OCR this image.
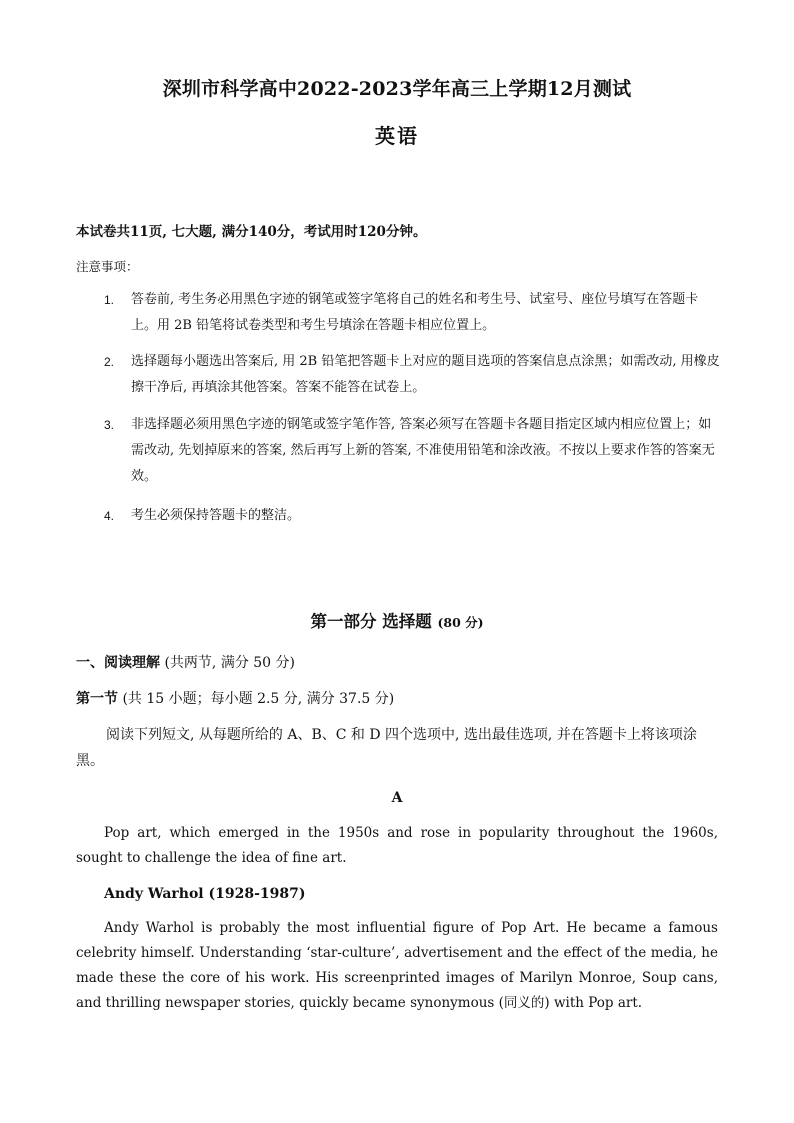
深圳市科学高中2022-2023学年高三上学期12月测试
英语
本试卷共11页, 七大题, 满分140分，考试用时120分钟。
注意事项：
1.	答卷前, 考生务必用黑色字迹的钢笔或签字笔将自己的姓名和考生号、试室号、座位号填写在答题卡上。用 2B 铅笔将试卷类型和考生号填涂在答题卡相应位置上。
2.	选择题每小题选出答案后, 用 2B 铅笔把答题卡上对应的题目选项的答案信息点涂黑；如需改动, 用橡皮擦干净后, 再填涂其他答案。答案不能答在试卷上。
3.	非选择题必须用黑色字迹的钢笔或签字笔作答, 答案必须写在答题卡各题目指定区域内相应位置上；如需改动, 先划掉原来的答案, 然后再写上新的答案, 不准使用铅笔和涂改液。不按以上要求作答的答案无效。
4.	考生必须保持答题卡的整洁。
第一部分 选择题 (80 分)
一、阅读理解 (共两节, 满分 50 分)
第一节 (共 15 小题；每小题 2.5 分, 满分 37.5 分)
阅读下列短文, 从每题所给的 A、B、C 和 D 四个选项中, 选出最佳选项, 并在答题卡上将该项涂黑。
A
Pop art, which emerged in the 1950s and rose in popularity throughout the 1960s, sought to challenge the idea of fine art.
Andy Warhol (1928-1987)
Andy Warhol is probably the most influential figure of Pop Art. He became a famous celebrity himself. Understanding ‘star-culture’, advertisement and the effect of the media, he made these the core of his work. His screenprinted images of Marilyn Monroe, Soup cans, and thrilling newspaper stories, quickly became synonymous (同义的) with Pop art.
